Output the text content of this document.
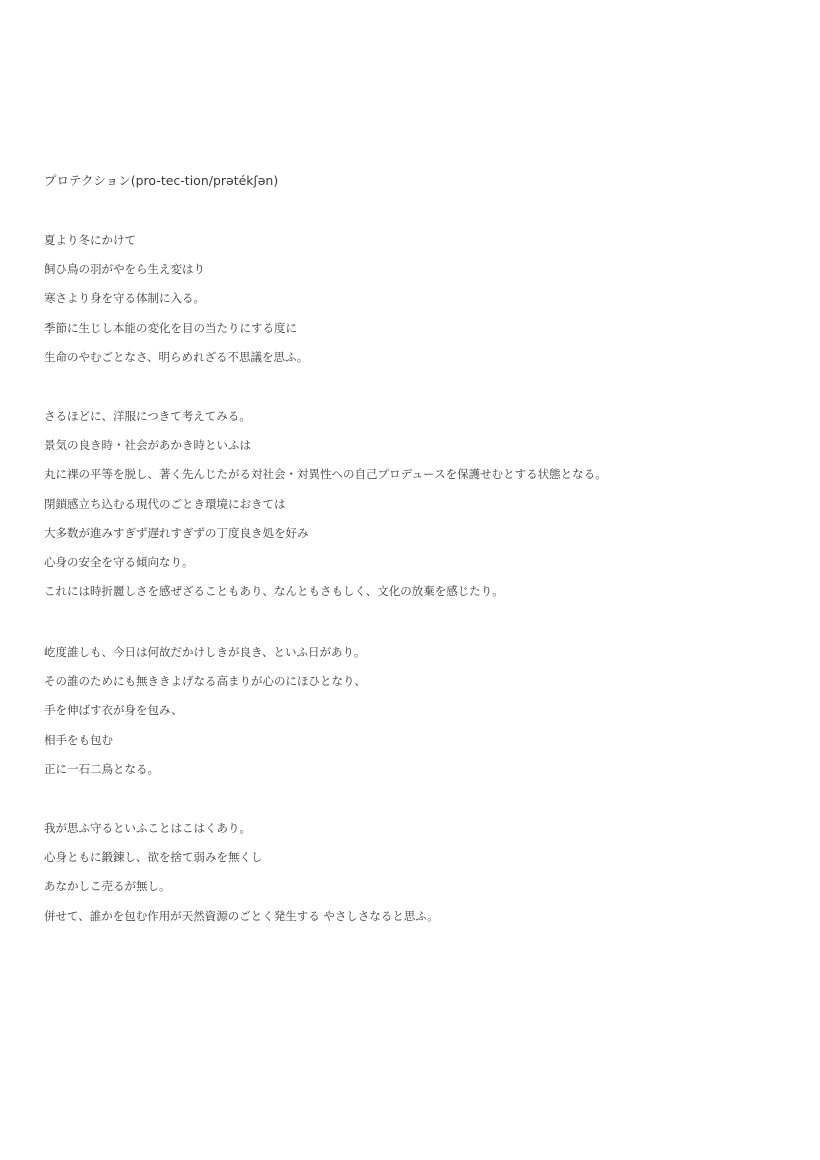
プロテクション(pro-tec-tion/prətékʃən)
夏より冬にかけて
飼ひ鳥の羽がやをら生え変はり
寒さより身を守る体制に入る。
季節に生じし本能の変化を目の当たりにする度に
生命のやむごとなさ、明らめれざる不思議を思ふ。
さるほどに、洋服につきて考えてみる。
景気の良き時・社会があかき時といふは
丸に裸の平等を脱し、著く先んじたがる対社会・対異性への自己プロデュースを保護せむとする状態となる。
閉鎖感立ち込むる現代のごとき環境におきては
大多数が進みすぎず遅れすぎずの丁度良き処を好み
心身の安全を守る傾向なり。
これには時折麗しさを感ぜざることもあり、なんともさもしく、文化の放棄を感じたり。
屹度誰しも、今日は何故だかけしきが良き、といふ日があり。
その誰のためにも無ききよげなる高まりが心のにほひとなり、
手を伸ばす衣が身を包み、
相手をも包む
正に一石二鳥となる。
我が思ふ守るといふことはこはくあり。
心身ともに鍛錬し、欲を捨て弱みを無くし
あなかしこ売るが無し。
併せて、誰かを包む作用が天然資源のごとく発生する やさしさなると思ふ。
